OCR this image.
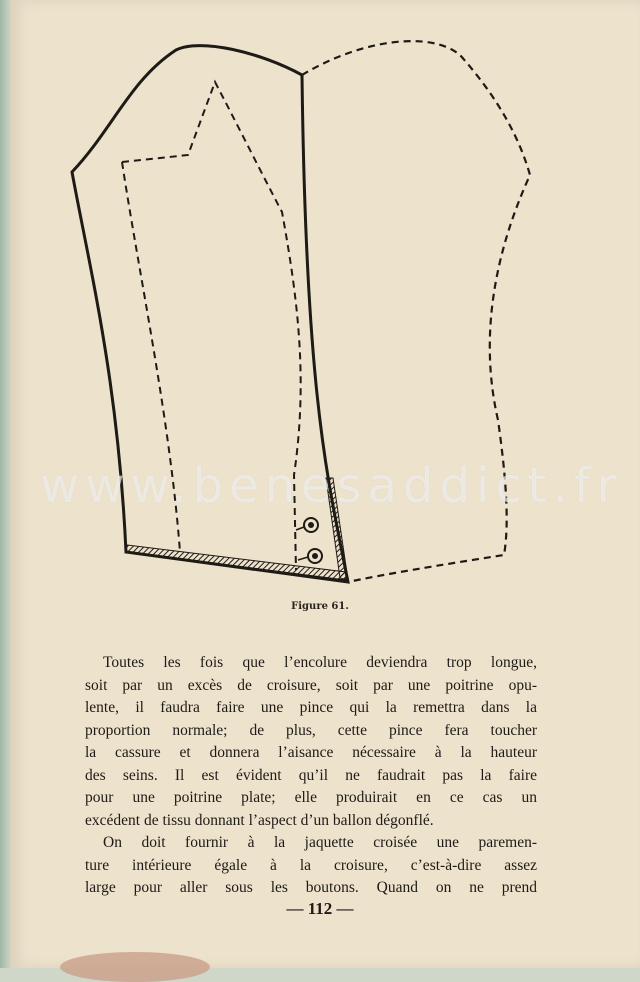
www.benesaddict.fr
Figure 61.
Toutes les fois que l’encolure deviendra trop longue,
soit par un excès de croisure, soit par une poitrine opu-
lente, il faudra faire une pince qui la remettra dans la
proportion normale; de plus, cette pince fera toucher
la cassure et donnera l’aisance nécessaire à la hauteur
des seins. Il est évident qu’il ne faudrait pas la faire
pour une poitrine plate; elle produirait en ce cas un
excédent de tissu donnant l’aspect d’un ballon dégonflé.
On doit fournir à la jaquette croisée une paremen-
ture intérieure égale à la croisure, c’est-à-dire assez
large pour aller sous les boutons. Quand on ne prend
— 112 —
